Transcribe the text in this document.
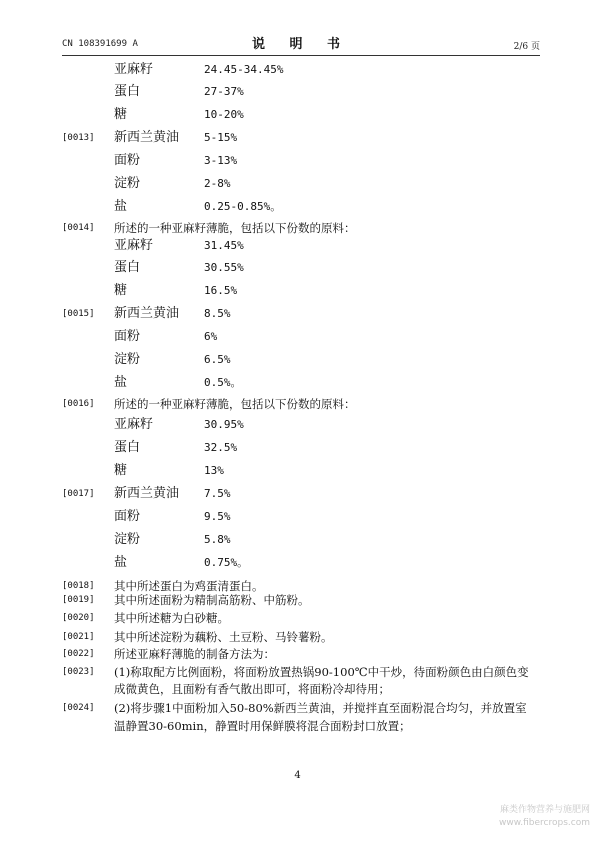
CN 108391699 A	说 明 书	2/6 页
亚麻籽	24.45-34.45%
蛋白	27-37%
糖	10-20%
[0013] 新西兰黄油 5-15%
面粉	3-13%
淀粉	2-8%
盐	0.25-0.85%。
[0014] 所述的一种亚麻籽薄脆，包括以下份数的原料：
亚麻籽	31.45%
蛋白	30.55%
糖	16.5%
[0015] 新西兰黄油 8.5%
面粉	6%
淀粉	6.5%
盐	0.5%。
[0016] 所述的一种亚麻籽薄脆，包括以下份数的原料：
亚麻籽	30.95%
蛋白	32.5%
糖	13%
[0017] 新西兰黄油 7.5%
面粉	9.5%
淀粉	5.8%
盐	0.75%。
[0018] 其中所述蛋白为鸡蛋清蛋白。
[0019] 其中所述面粉为精制高筋粉、中筋粉。
[0020] 其中所述糖为白砂糖。
[0021] 其中所述淀粉为藕粉、土豆粉、马铃薯粉。
[0022] 所述亚麻籽薄脆的制备方法为：
[0023] (1)称取配方比例面粉，将面粉放置热锅90-100℃中干炒，待面粉颜色由白颜色变
成微黄色，且面粉有香气散出即可，将面粉冷却待用；
[0024] (2)将步骤1中面粉加入50-80%新西兰黄油，并搅拌直至面粉混合均匀，并放置室
温静置30-60min，静置时用保鲜膜将混合面粉封口放置；
4
麻类作物营养与施肥网
www.fibercrops.com
